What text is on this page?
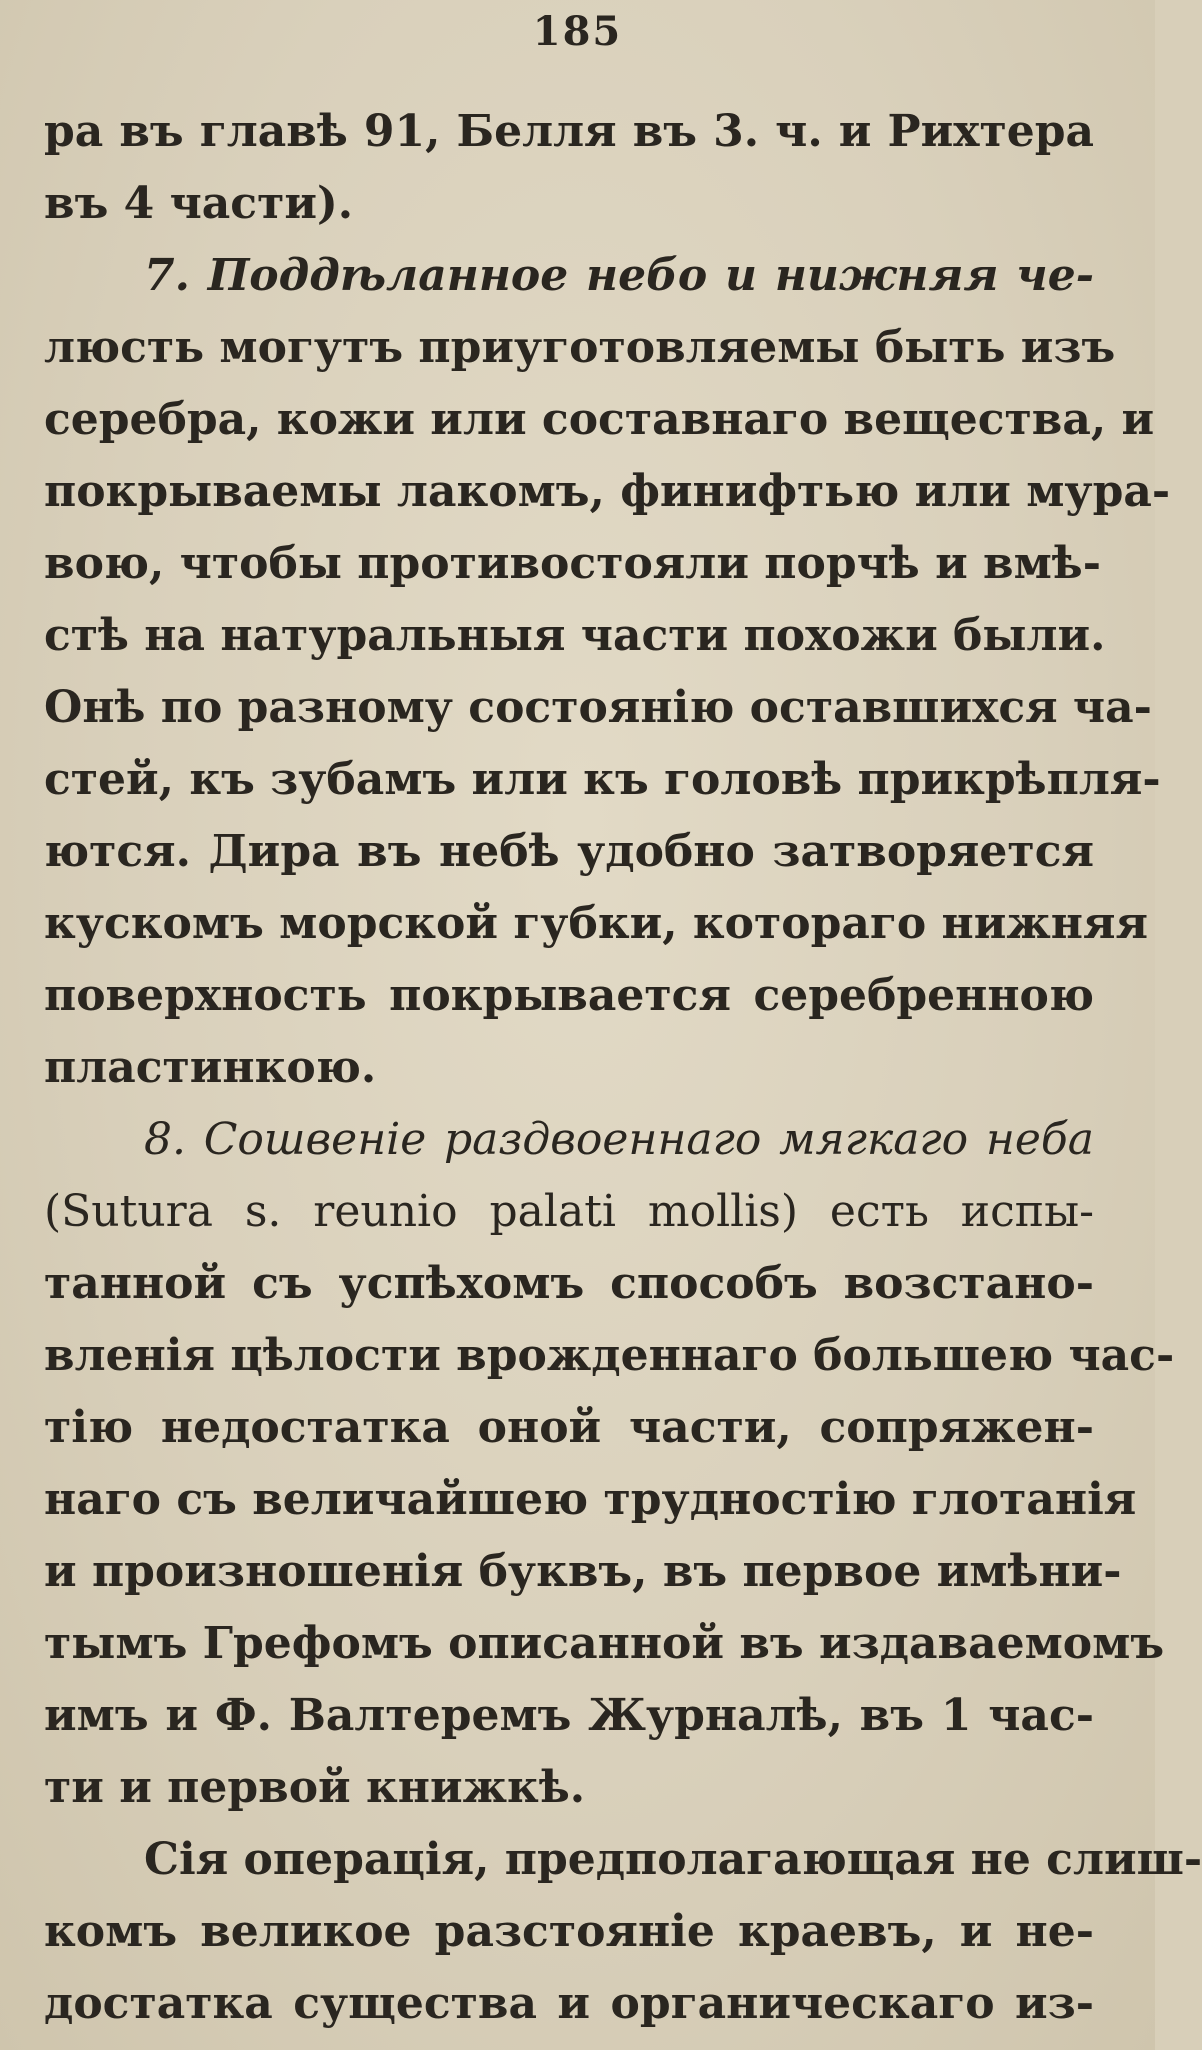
185
ра въ главѣ 91, Белля въ 3. ч. и Рихтера
въ 4 части).
7. Поддѣланное небо и нижняя че-
люсть могутъ приуготовляемы быть изъ
серебра, кожи или составнаго вещества, и
покрываемы лакомъ, финифтью или мура-
вою, чтобы противостояли порчѣ и вмѣ-
стѣ на натуральныя части похожи были.
Онѣ по разному состоянію оставшихся ча-
стей, къ зубамъ или къ головѣ прикрѣпля-
ются. Дира въ небѣ удобно затворяется
кускомъ морской губки, котораго нижняя
поверхность покрывается серебренною
пластинкою.
8. Сошвеніе раздвоеннаго мягкаго неба
(Sutura s. reunio palati mollis) есть испы-
танной съ успѣхомъ способъ возстано-
вленія цѣлости врожденнаго большею час-
тію недостатка оной части, сопряжен-
наго съ величайшею трудностію глотанія
и произношенія буквъ, въ первое имѣни-
тымъ Грефомъ описанной въ издаваемомъ
имъ и Ф. Валтеремъ Журналѣ, въ 1 час-
ти и первой книжкѣ.
Сія операція, предполагающая не слиш-
комъ великое разстояніе краевъ, и не-
достатка существа и органическаго из-
